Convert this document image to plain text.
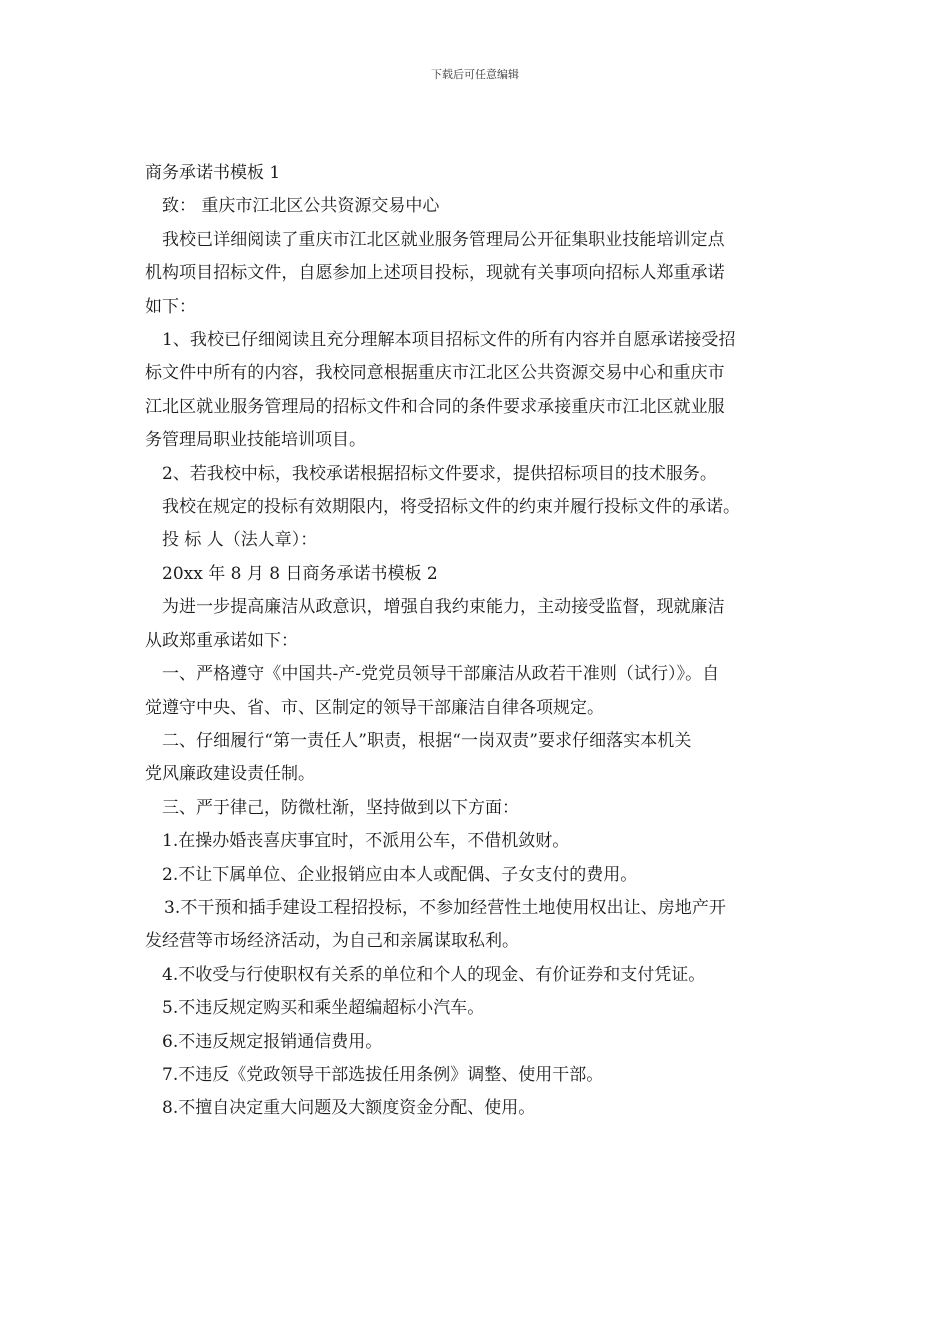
下载后可任意编辑
商务承诺书模板 1
致： 重庆市江北区公共资源交易中心
我校已详细阅读了重庆市江北区就业服务管理局公开征集职业技能培训定点
机构项目招标文件，自愿参加上述项目投标，现就有关事项向招标人郑重承诺
如下：
1、我校已仔细阅读且充分理解本项目招标文件的所有内容并自愿承诺接受招
标文件中所有的内容，我校同意根据重庆市江北区公共资源交易中心和重庆市
江北区就业服务管理局的招标文件和合同的条件要求承接重庆市江北区就业服
务管理局职业技能培训项目。
2、若我校中标，我校承诺根据招标文件要求，提供招标项目的技术服务。
我校在规定的投标有效期限内，将受招标文件的约束并履行投标文件的承诺。
投 标 人（法人章）：
20xx 年 8 月 8 日商务承诺书模板 2
为进一步提高廉洁从政意识，增强自我约束能力，主动接受监督，现就廉洁
从政郑重承诺如下：
一、严格遵守《中国共-产-党党员领导干部廉洁从政若干准则（试行）》。自
觉遵守中央、省、市、区制定的领导干部廉洁自律各项规定。
二、仔细履行“第一责任人”职责，根据“一岗双责”要求仔细落实本机关
党风廉政建设责任制。
三、严于律己，防微杜渐，坚持做到以下方面：
1.在操办婚丧喜庆事宜时，不派用公车，不借机敛财。
2.不让下属单位、企业报销应由本人或配偶、子女支付的费用。
3.不干预和插手建设工程招投标，不参加经营性土地使用权出让、房地产开
发经营等市场经济活动，为自己和亲属谋取私利。
4.不收受与行使职权有关系的单位和个人的现金、有价证券和支付凭证。
5.不违反规定购买和乘坐超编超标小汽车。
6.不违反规定报销通信费用。
7.不违反《党政领导干部选拔任用条例》调整、使用干部。
8.不擅自决定重大问题及大额度资金分配、使用。
